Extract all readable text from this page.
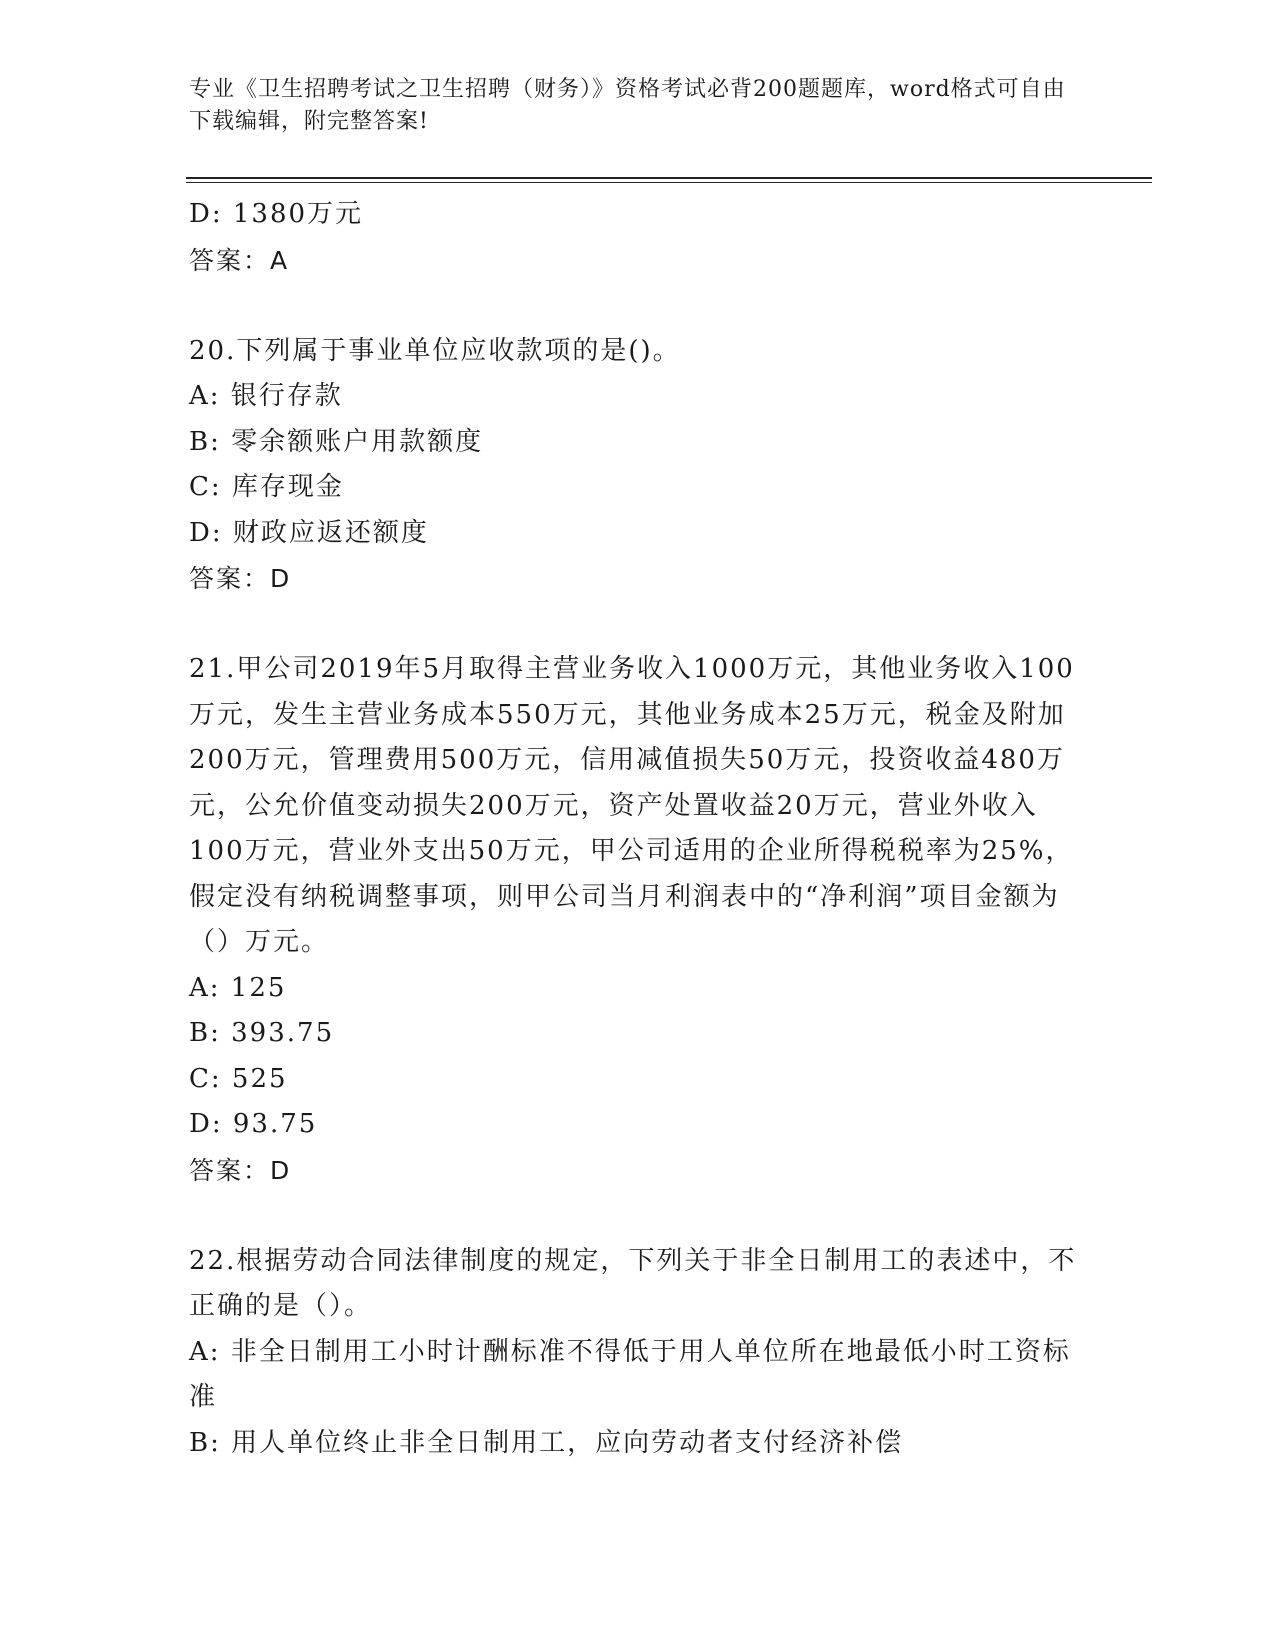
专业《卫生招聘考试之卫生招聘（财务）》资格考试必背200题题库，word格式可自由下载编辑，附完整答案!
D: 1380万元
答案：A
20.下列属于事业单位应收款项的是()。
A: 银行存款
B: 零余额账户用款额度
C: 库存现金
D: 财政应返还额度
答案：D
21.甲公司2019年5月取得主营业务收入1000万元，其他业务收入100万元，发生主营业务成本550万元，其他业务成本25万元，税金及附加200万元，管理费用500万元，信用减值损失50万元，投资收益480万元，公允价值变动损失200万元，资产处置收益20万元，营业外收入100万元，营业外支出50万元，甲公司适用的企业所得税税率为25%，假定没有纳税调整事项，则甲公司当月利润表中的“净利润”项目金额为（）万元。
A: 125
B: 393.75
C: 525
D: 93.75
答案：D
22.根据劳动合同法律制度的规定，下列关于非全日制用工的表述中，不正确的是（）。
A: 非全日制用工小时计酬标准不得低于用人单位所在地最低小时工资标准
B: 用人单位终止非全日制用工，应向劳动者支付经济补偿
